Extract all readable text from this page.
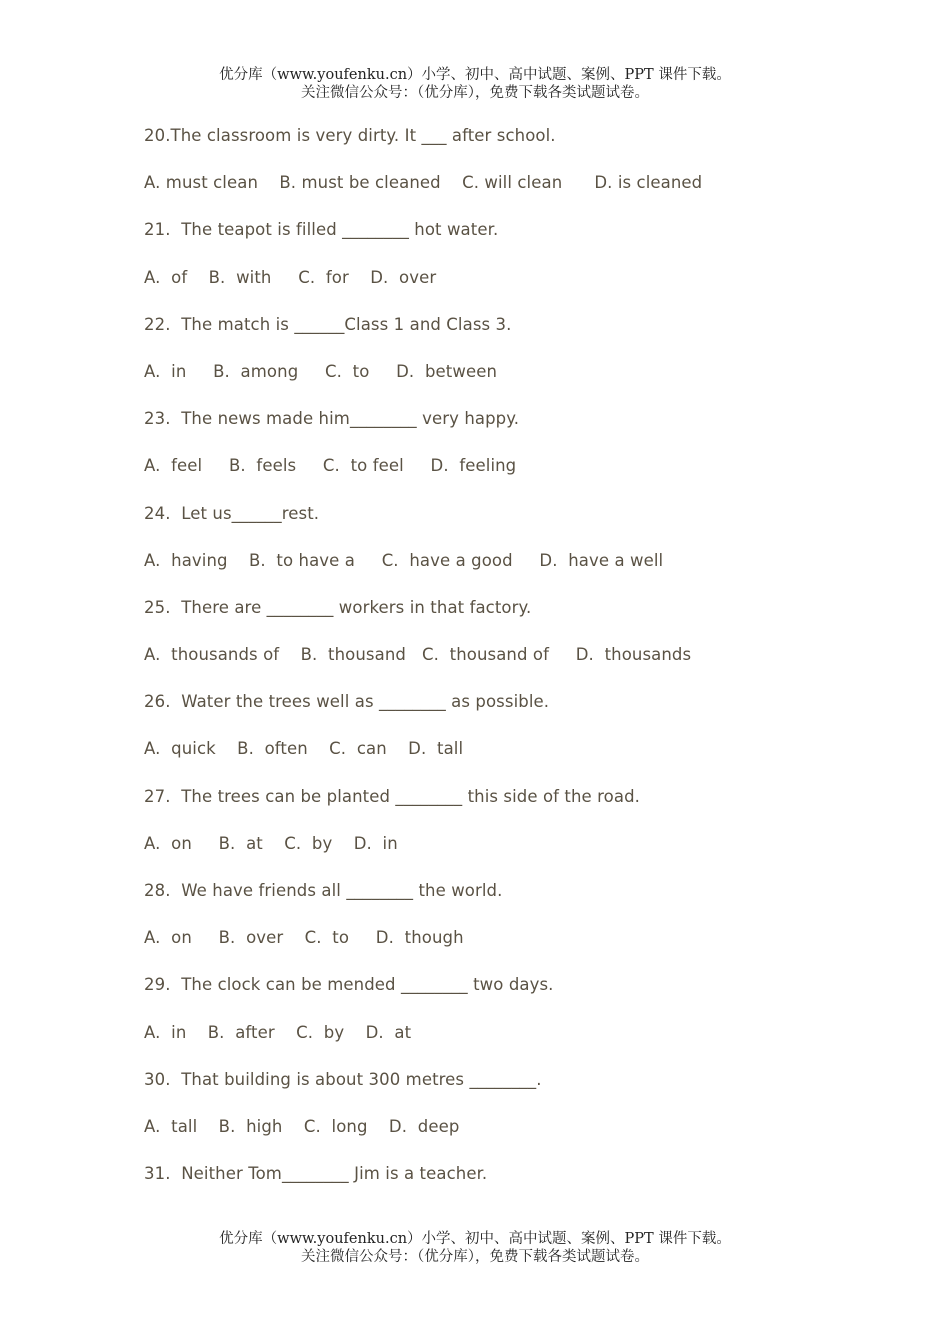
优分库（www.youfenku.cn）小学、初中、高中试题、案例、PPT 课件下载。
关注微信公众号：（优分库），免费下载各类试题试卷。
20.The classroom is very dirty. It ___ after school.
A. must clean    B. must be cleaned    C. will clean      D. is cleaned
21.  The teapot is filled ________ hot water.
A.  of    B.  with     C.  for    D.  over
22.  The match is ______Class 1 and Class 3.
A.  in     B.  among     C.  to     D.  between
23.  The news made him________ very happy.
A.  feel     B.  feels     C.  to feel     D.  feeling
24.  Let us______rest.
A.  having    B.  to have a     C.  have a good     D.  have a well
25.  There are ________ workers in that factory.
A.  thousands of    B.  thousand   C.  thousand of     D.  thousands
26.  Water the trees well as ________ as possible.
A.  quick    B.  often    C.  can    D.  tall
27.  The trees can be planted ________ this side of the road.
A.  on     B.  at    C.  by    D.  in
28.  We have friends all ________ the world.
A.  on     B.  over    C.  to     D.  though
29.  The clock can be mended ________ two days.
A.  in    B.  after    C.  by    D.  at
30.  That building is about 300 metres ________.
A.  tall    B.  high    C.  long    D.  deep
31.  Neither Tom________ Jim is a teacher.
优分库（www.youfenku.cn）小学、初中、高中试题、案例、PPT 课件下载。
关注微信公众号：（优分库），免费下载各类试题试卷。
